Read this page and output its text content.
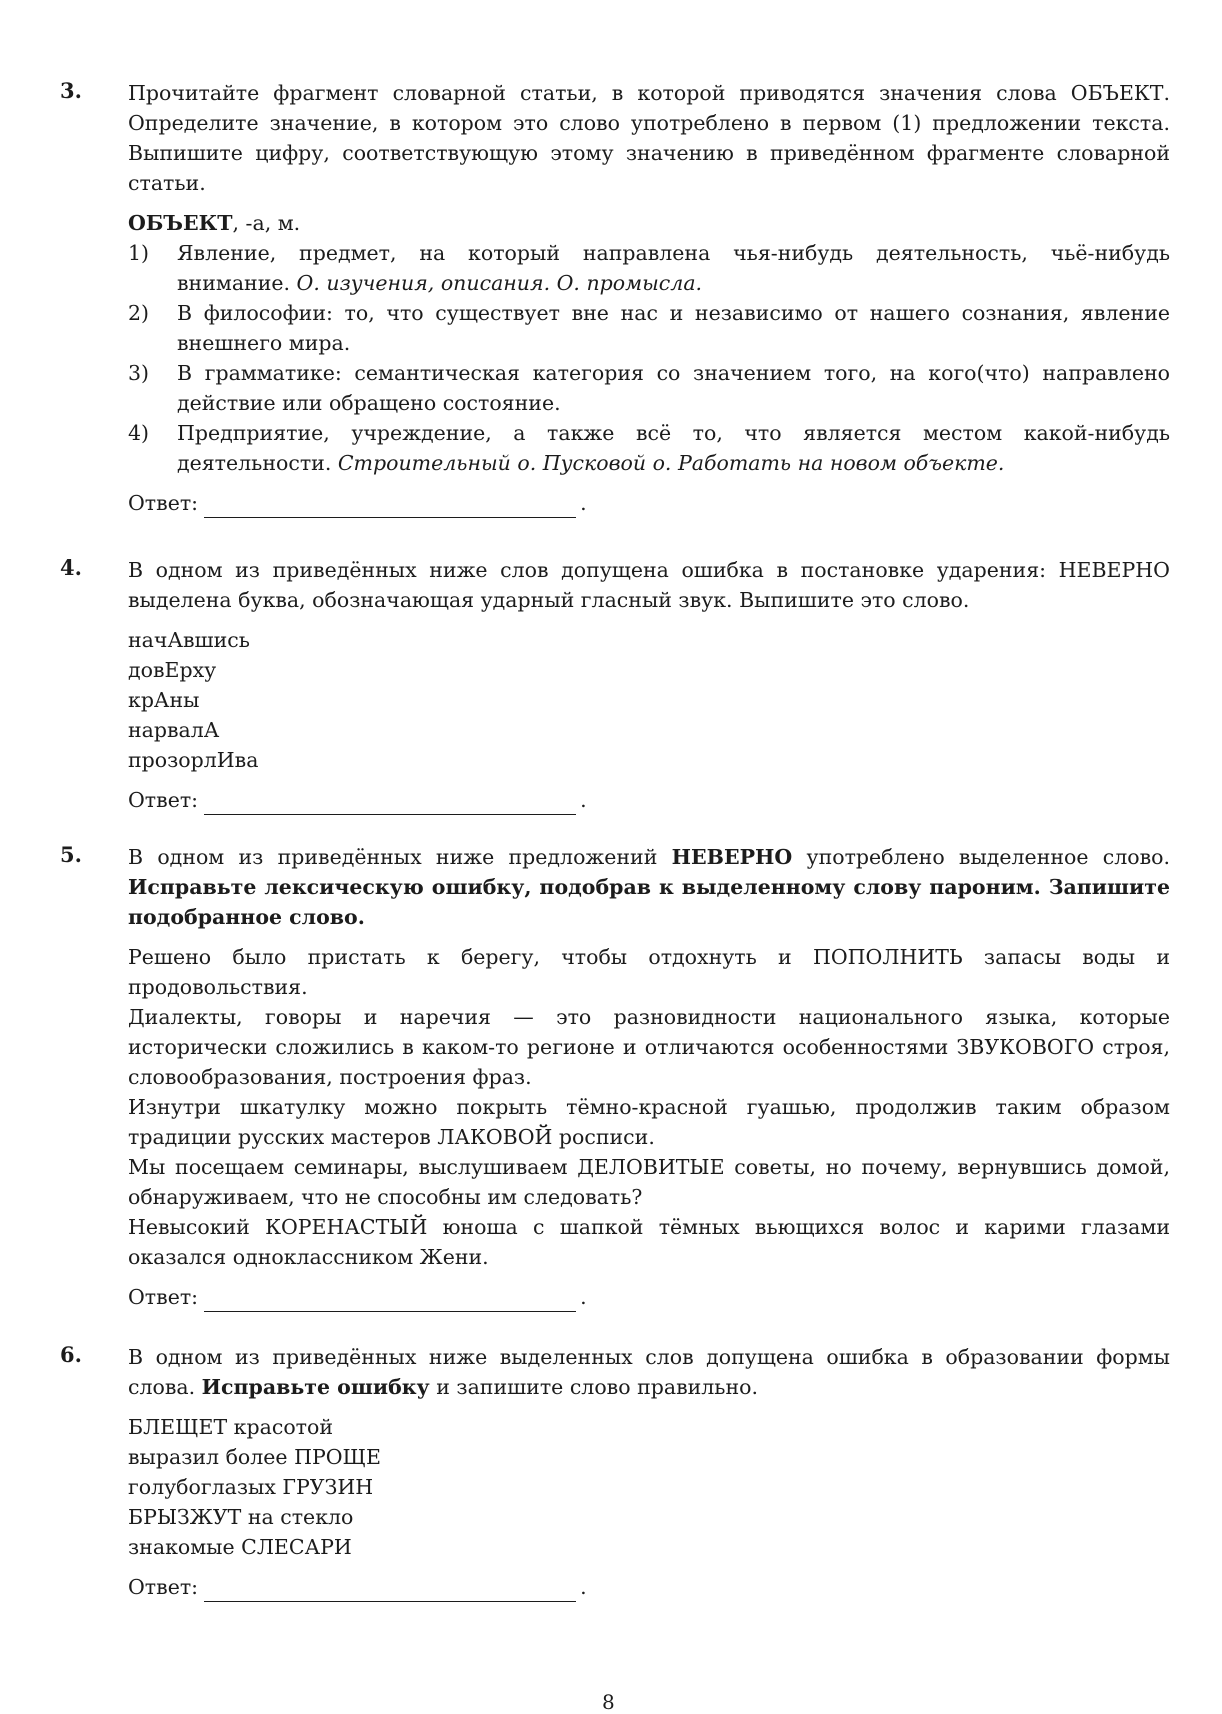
3. Прочитайте фрагмент словарной статьи, в которой приводятся значения слова ОБЪЕКТ. Определите значение, в котором это слово употреблено в первом (1) предложении текста. Выпишите цифру, соответствующую этому значению в приведённом фрагменте словарной статьи.

ОБЪЕКТ, -а, м.

1)	Явление, предмет, на который направлена чья-нибудь деятельность, чьё-нибудь внимание. О. изучения, описания. О. промысла.
2)	В философии: то, что существует вне нас и независимо от нашего сознания, явление внешнего мира.
3)	В грамматике: семантическая категория со значением того, на кого(что) направлено действие или обращено состояние.
4)	Предприятие, учреждение, а также всё то, что является местом какой-нибудь деятельности. Строительный о. Пусковой о. Работать на новом объекте.
Ответ:	.
4. В одном из приведённых ниже слов допущена ошибка в постановке ударения: НЕВЕРНО выделена буква, обозначающая ударный гласный звук. Выпишите это слово.

начАвшись

довЕрху

крАны

нарвалА

прозорлИва

Ответ:	.
5. В одном из приведённых ниже предложений НЕВЕРНО употреблено выделенное слово. Исправьте лексическую ошибку, подобрав к выделенному слову пароним. Запишите подобранное слово.

Решено было пристать к берегу, чтобы отдохнуть и ПОПОЛНИТЬ запасы воды и продовольствия.

Диалекты, говоры и наречия — это разновидности национального языка, которые исторически сложились в каком-то регионе и отличаются особенностями ЗВУКОВОГО строя, словообразования, построения фраз.

Изнутри шкатулку можно покрыть тёмно-красной гуашью, продолжив таким образом традиции русских мастеров ЛАКОВОЙ росписи.

Мы посещаем семинары, выслушиваем ДЕЛОВИТЫЕ советы, но почему, вернувшись домой, обнаруживаем, что не способны им следовать?

Невысокий КОРЕНАСТЫЙ юноша с шапкой тёмных вьющихся волос и карими глазами оказался одноклассником Жени.

Ответ:	.
6. В одном из приведённых ниже выделенных слов допущена ошибка в образовании формы слова. Исправьте ошибку и запишите слово правильно.

БЛЕЩЕТ красотой

выразил более ПРОЩЕ

голубоглазых ГРУЗИН

БРЫЗЖУТ на стекло

знакомые СЛЕСАРИ

Ответ:	.
8
